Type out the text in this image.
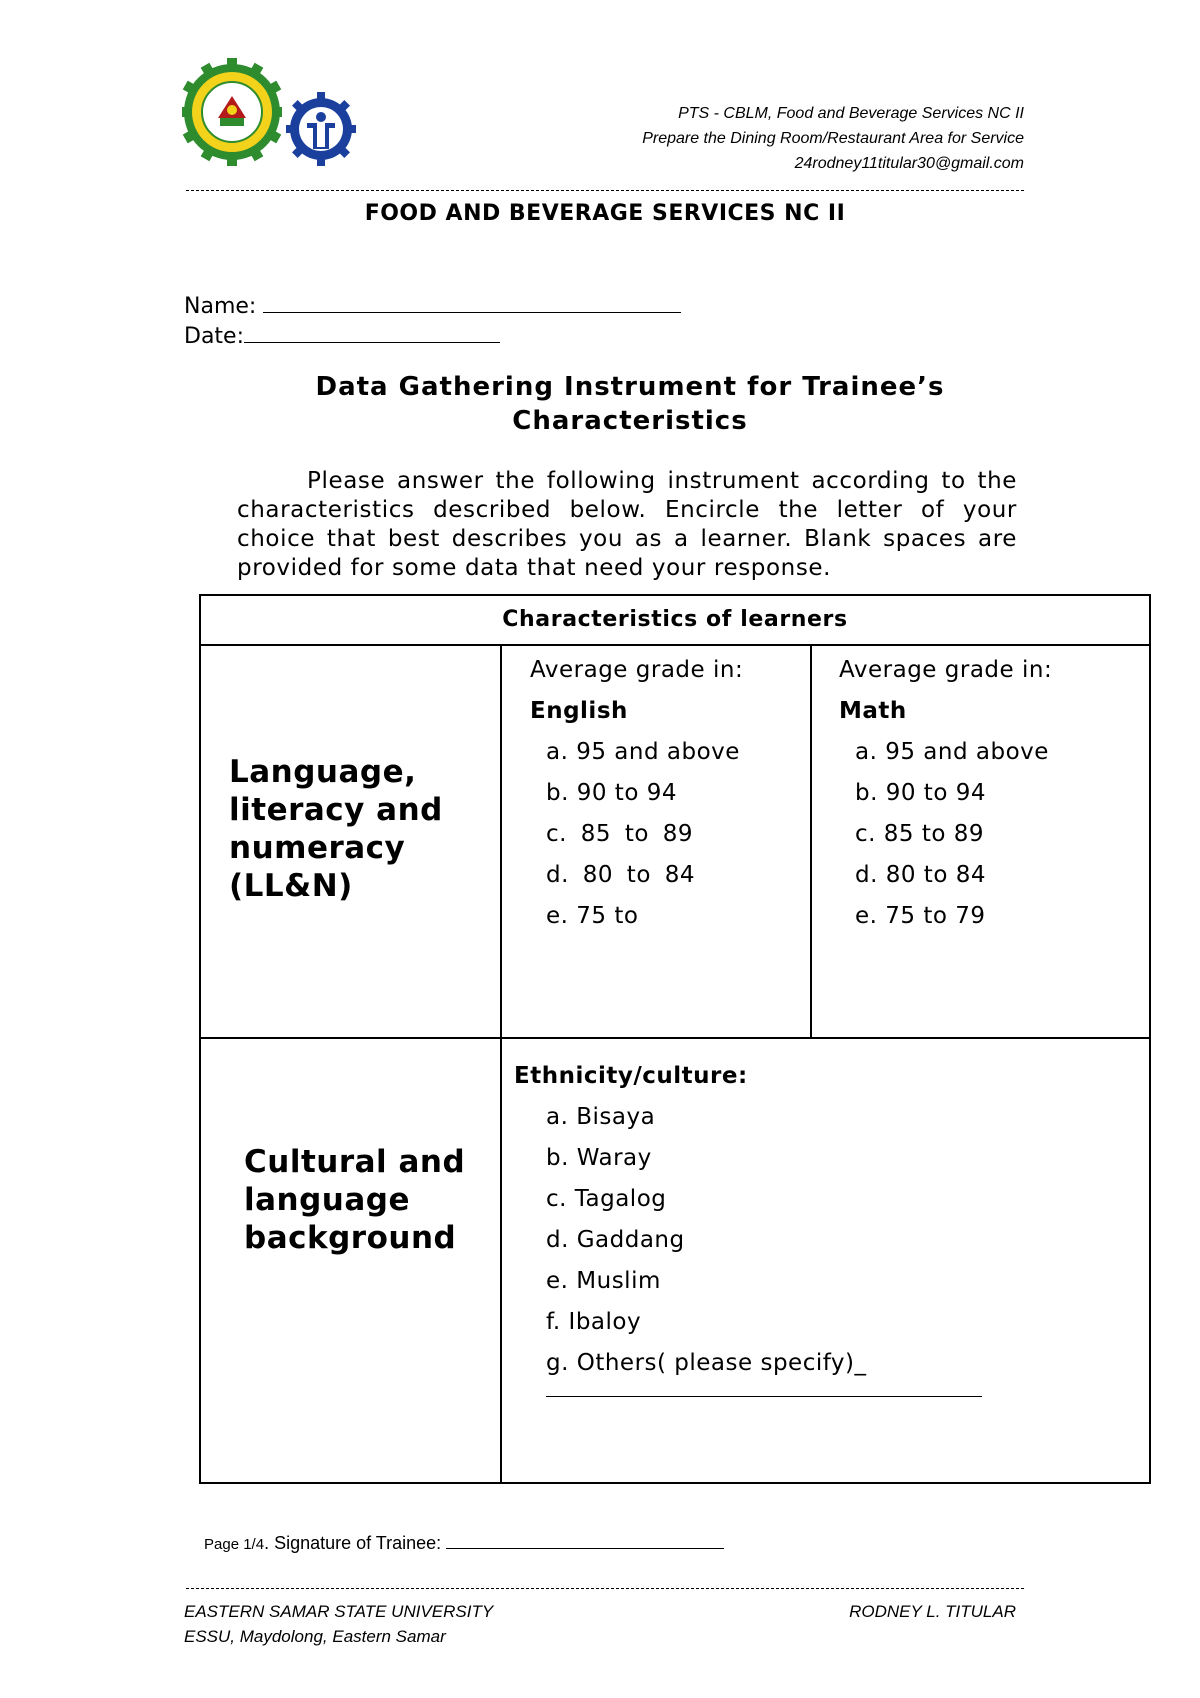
PTS - CBLM, Food and Beverage Services NC II
Prepare the Dining Room/Restaurant Area for Service
24rodney11titular30@gmail.com
FOOD AND BEVERAGE SERVICES NC II
Name:
Date:
Data Gathering Instrument for Trainee’s
Characteristics
Please answer the following instrument according to the characteristics described below. Encircle the letter of your choice that best describes you as a learner. Blank spaces are provided for some data that need your response.
Characteristics of learners
Language, literacy and numeracy (LL&N)
Average grade in: English
a. 95 and above
b. 90 to 94
c. 85 to 89
d. 80 to 84
e. 75 to
Average grade in:
Math
a. 95 and above
b. 90 to 94
c. 85 to 89
d. 80 to 84
e. 75 to 79
Cultural and language background
Ethnicity/culture:
a. Bisaya
b. Waray
c. Tagalog
d. Gaddang
e. Muslim
f. Ibaloy
g. Others( please specify)_
Page 1/4. Signature of Trainee:
EASTERN SAMAR STATE UNIVERSITY
ESSU, Maydolong, Eastern Samar
RODNEY L. TITULAR
